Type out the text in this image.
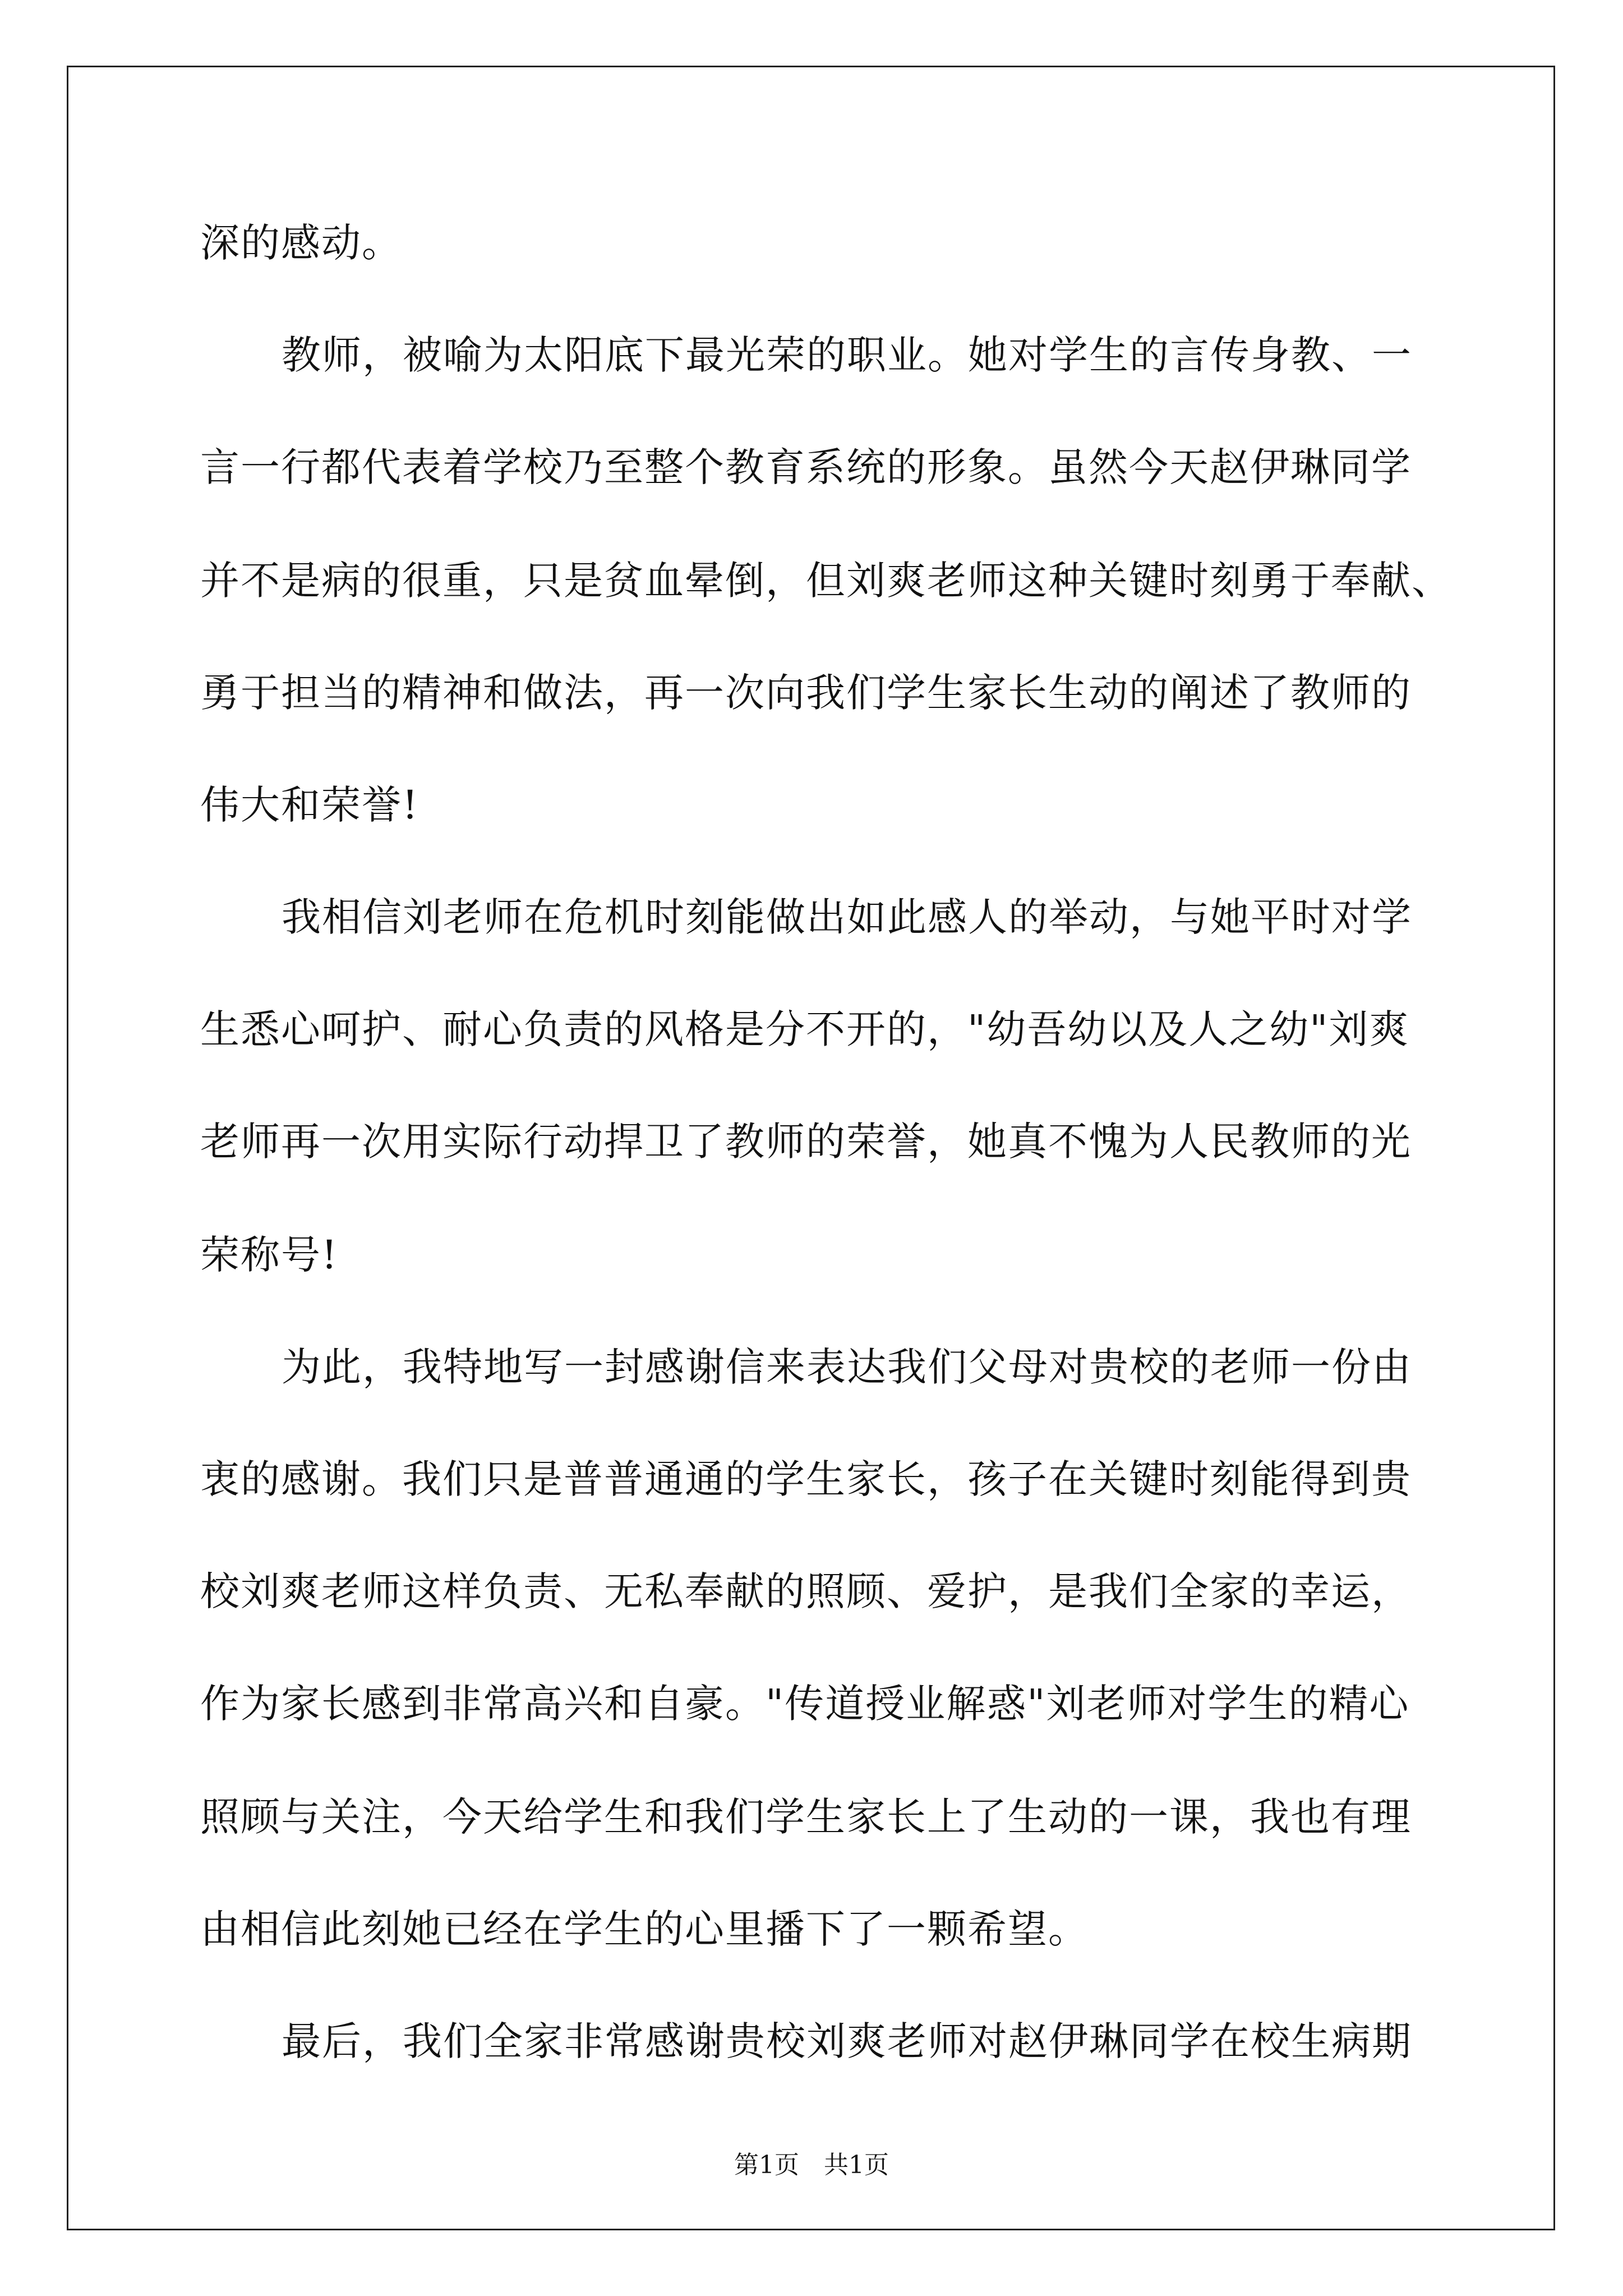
深的感动。
教师，被喻为太阳底下最光荣的职业。她对学生的言传身教、一
言一行都代表着学校乃至整个教育系统的形象。虽然今天赵伊琳同学
并不是病的很重，只是贫血晕倒，但刘爽老师这种关键时刻勇于奉献、
勇于担当的精神和做法，再一次向我们学生家长生动的阐述了教师的
伟大和荣誉!
我相信刘老师在危机时刻能做出如此感人的举动，与她平时对学
生悉心呵护、耐心负责的风格是分不开的，"幼吾幼以及人之幼"刘爽
老师再一次用实际行动捍卫了教师的荣誉，她真不愧为人民教师的光
荣称号!
为此，我特地写一封感谢信来表达我们父母对贵校的老师一份由
衷的感谢。我们只是普普通通的学生家长，孩子在关键时刻能得到贵
校刘爽老师这样负责、无私奉献的照顾、爱护，是我们全家的幸运，
作为家长感到非常高兴和自豪。"传道授业解惑"刘老师对学生的精心
照顾与关注，今天给学生和我们学生家长上了生动的一课，我也有理
由相信此刻她已经在学生的心里播下了一颗希望。
最后，我们全家非常感谢贵校刘爽老师对赵伊琳同学在校生病期
第1页　共1页
